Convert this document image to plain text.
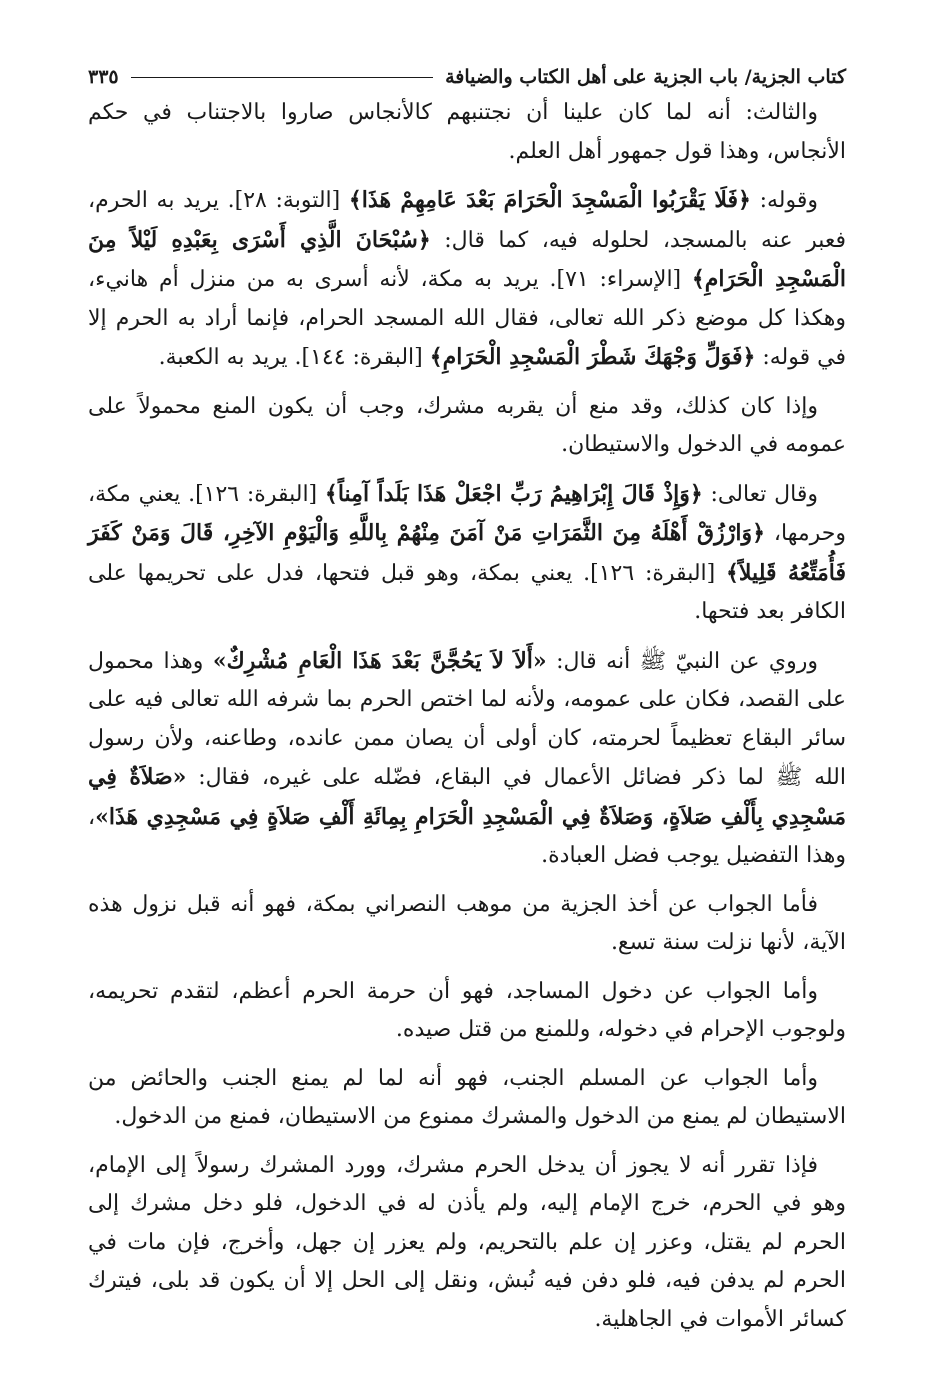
كتاب الجزية/ باب الجزية على أهل الكتاب والضيافة
٣٣٥

والثالث: أنه لما كان علينا أن نجتنبهم كالأنجاس صاروا بالاجتناب في حكم الأنجاس، وهذا قول جمهور أهل العلم.

وقوله: ﴿فَلَا يَقْرَبُوا الْمَسْجِدَ الْحَرَامَ بَعْدَ عَامِهِمْ هَذَا﴾ [التوبة: ٢٨]. يريد به الحرم، فعبر عنه بالمسجد، لحلوله فيه، كما قال: ﴿سُبْحَانَ الَّذِي أَسْرَى بِعَبْدِهِ لَيْلاً مِنَ الْمَسْجِدِ الْحَرَامِ﴾ [الإسراء: ٧١]. يريد به مكة، لأنه أسرى به من منزل أم هانيء، وهكذا كل موضع ذكر الله تعالى، فقال الله المسجد الحرام، فإنما أراد به الحرم إلا في قوله: ﴿فَوَلِّ وَجْهَكَ شَطْرَ الْمَسْجِدِ الْحَرَامِ﴾ [البقرة: ١٤٤]. يريد به الكعبة.

وإذا كان كذلك، وقد منع أن يقربه مشرك، وجب أن يكون المنع محمولاً على عمومه في الدخول والاستيطان.

وقال تعالى: ﴿وَإِذْ قَالَ إِبْرَاهِيمُ رَبِّ اجْعَلْ هَذَا بَلَداً آمِناً﴾ [البقرة: ١٢٦]. يعني مكة، وحرمها، ﴿وَارْزُقْ أَهْلَهُ مِنَ الثَّمَرَاتِ مَنْ آمَنَ مِنْهُمْ بِاللَّهِ وَالْيَوْمِ الآخِرِ، قَالَ وَمَنْ كَفَرَ فَأُمَتِّعُهُ قَلِيلاً﴾ [البقرة: ١٢٦]. يعني بمكة، وهو قبل فتحها، فدل على تحريمها على الكافر بعد فتحها.

وروي عن النبيّ ﷺ أنه قال: «أَلاَ لاَ يَحُجَّنَّ بَعْدَ هَذَا الْعَامِ مُشْرِكٌ» وهذا محمول على القصد، فكان على عمومه، ولأنه لما اختص الحرم بما شرفه الله تعالى فيه على سائر البقاع تعظيماً لحرمته، كان أولى أن يصان ممن عانده، وطاعنه، ولأن رسول الله ﷺ لما ذكر فضائل الأعمال في البقاع، فضّله على غيره، فقال: «صَلاَةٌ فِي مَسْجِدِي بِأَلْفِ صَلاَةٍ، وَصَلاَةٌ فِي الْمَسْجِدِ الْحَرَامِ بِمِائَةِ أَلْفِ صَلاَةٍ فِي مَسْجِدِي هَذَا»، وهذا التفضيل يوجب فضل العبادة.

فأما الجواب عن أخذ الجزية من موهب النصراني بمكة، فهو أنه قبل نزول هذه الآية، لأنها نزلت سنة تسع.

وأما الجواب عن دخول المساجد، فهو أن حرمة الحرم أعظم، لتقدم تحريمه، ولوجوب الإحرام في دخوله، وللمنع من قتل صيده.

وأما الجواب عن المسلم الجنب، فهو أنه لما لم يمنع الجنب والحائض من الاستيطان لم يمنع من الدخول والمشرك ممنوع من الاستيطان، فمنع من الدخول.

فإذا تقرر أنه لا يجوز أن يدخل الحرم مشرك، وورد المشرك رسولاً إلى الإمام، وهو في الحرم، خرج الإمام إليه، ولم يأذن له في الدخول، فلو دخل مشرك إلى الحرم لم يقتل، وعزر إن علم بالتحريم، ولم يعزر إن جهل، وأخرج، فإن مات في الحرم لم يدفن فيه، فلو دفن فيه نُبش، ونقل إلى الحل إلا أن يكون قد بلى، فيترك كسائر الأموات في الجاهلية.
